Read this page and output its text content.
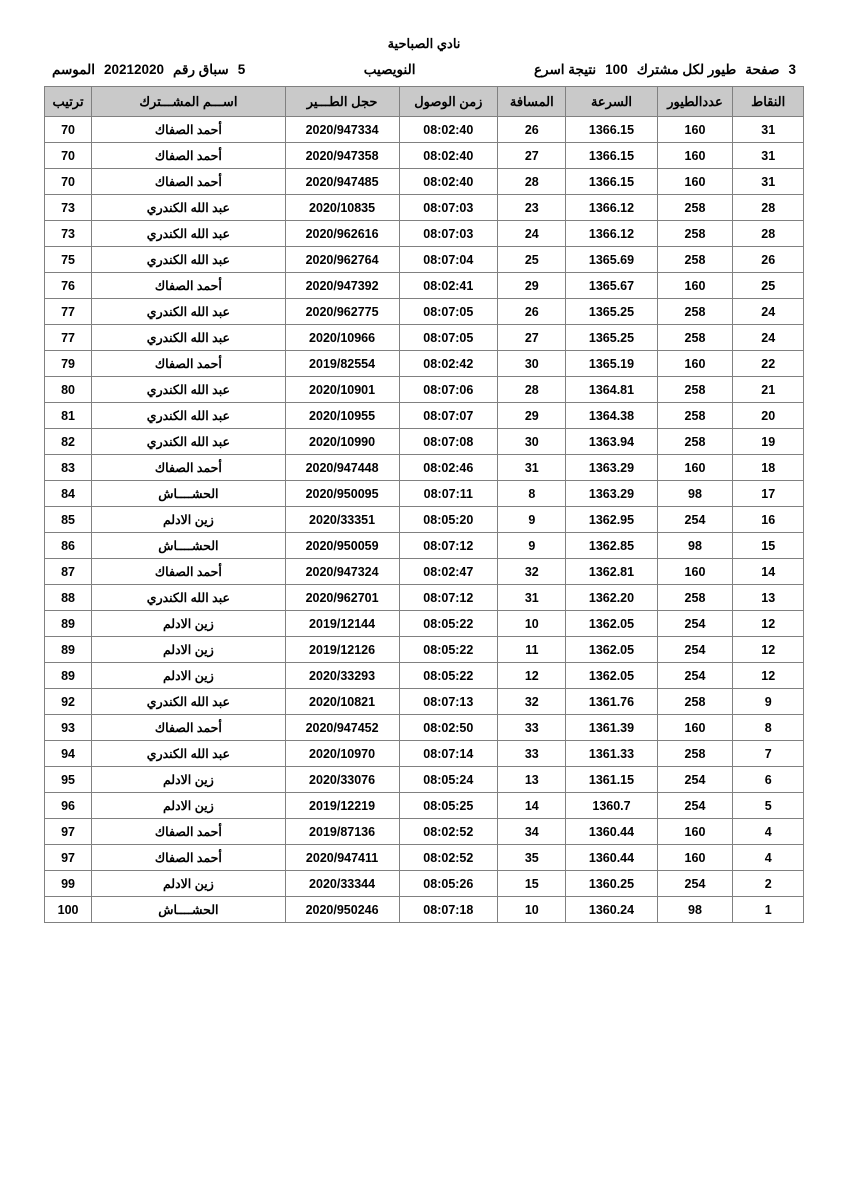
نادي الصباحية
3
صفحة
طيور لكل مشترك
100
نتيجة اسرع
النويصيب
5
سباق رقم
20212020
الموسم
النقاط	عددالطيور	السرعة	المسافة	زمن الوصول	حجل الطـــير	اســـم المشـــترك	ترتيب
31	160	1366.15	26	08:02:40	2020/947334	أحمد الصفاك	70
31	160	1366.15	27	08:02:40	2020/947358	أحمد الصفاك	70
31	160	1366.15	28	08:02:40	2020/947485	أحمد الصفاك	70
28	258	1366.12	23	08:07:03	2020/10835	عبد الله الكندري	73
28	258	1366.12	24	08:07:03	2020/962616	عبد الله الكندري	73
26	258	1365.69	25	08:07:04	2020/962764	عبد الله الكندري	75
25	160	1365.67	29	08:02:41	2020/947392	أحمد الصفاك	76
24	258	1365.25	26	08:07:05	2020/962775	عبد الله الكندري	77
24	258	1365.25	27	08:07:05	2020/10966	عبد الله الكندري	77
22	160	1365.19	30	08:02:42	2019/82554	أحمد الصفاك	79
21	258	1364.81	28	08:07:06	2020/10901	عبد الله الكندري	80
20	258	1364.38	29	08:07:07	2020/10955	عبد الله الكندري	81
19	258	1363.94	30	08:07:08	2020/10990	عبد الله الكندري	82
18	160	1363.29	31	08:02:46	2020/947448	أحمد الصفاك	83
17	98	1363.29	8	08:07:11	2020/950095	الحشــــاش	84
16	254	1362.95	9	08:05:20	2020/33351	زين الادلم	85
15	98	1362.85	9	08:07:12	2020/950059	الحشــــاش	86
14	160	1362.81	32	08:02:47	2020/947324	أحمد الصفاك	87
13	258	1362.20	31	08:07:12	2020/962701	عبد الله الكندري	88
12	254	1362.05	10	08:05:22	2019/12144	زين الادلم	89
12	254	1362.05	11	08:05:22	2019/12126	زين الادلم	89
12	254	1362.05	12	08:05:22	2020/33293	زين الادلم	89
9	258	1361.76	32	08:07:13	2020/10821	عبد الله الكندري	92
8	160	1361.39	33	08:02:50	2020/947452	أحمد الصفاك	93
7	258	1361.33	33	08:07:14	2020/10970	عبد الله الكندري	94
6	254	1361.15	13	08:05:24	2020/33076	زين الادلم	95
5	254	1360.7	14	08:05:25	2019/12219	زين الادلم	96
4	160	1360.44	34	08:02:52	2019/87136	أحمد الصفاك	97
4	160	1360.44	35	08:02:52	2020/947411	أحمد الصفاك	97
2	254	1360.25	15	08:05:26	2020/33344	زين الادلم	99
1	98	1360.24	10	08:07:18	2020/950246	الحشــــاش	100
